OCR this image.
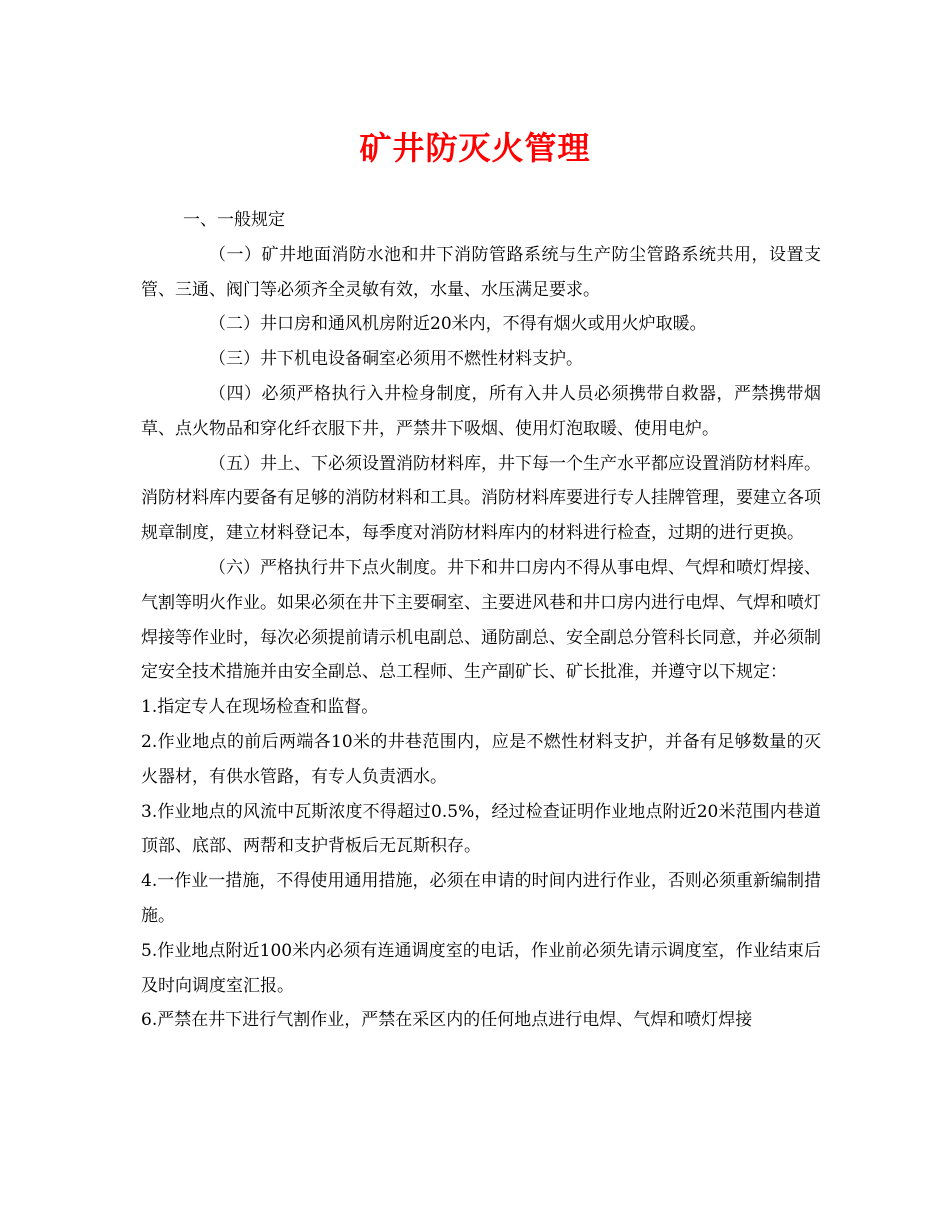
矿井防灭火管理

一、一般规定

（一）矿井地面消防水池和井下消防管路系统与生产防尘管路系统共用，设置支管、三通、阀门等必须齐全灵敏有效，水量、水压满足要求。

（二）井口房和通风机房附近20米内，不得有烟火或用火炉取暖。

（三）井下机电设备硐室必须用不燃性材料支护。

（四）必须严格执行入井检身制度，所有入井人员必须携带自救器，严禁携带烟草、点火物品和穿化纤衣服下井，严禁井下吸烟、使用灯泡取暖、使用电炉。

（五）井上、下必须设置消防材料库，井下每一个生产水平都应设置消防材料库。消防材料库内要备有足够的消防材料和工具。消防材料库要进行专人挂牌管理，要建立各项规章制度，建立材料登记本，每季度对消防材料库内的材料进行检查，过期的进行更换。

（六）严格执行井下点火制度。井下和井口房内不得从事电焊、气焊和喷灯焊接、气割等明火作业。如果必须在井下主要硐室、主要进风巷和井口房内进行电焊、气焊和喷灯焊接等作业时，每次必须提前请示机电副总、通防副总、安全副总分管科长同意，并必须制定安全技术措施并由安全副总、总工程师、生产副矿长、矿长批准，并遵守以下规定：

1.指定专人在现场检查和监督。

2.作业地点的前后两端各10米的井巷范围内，应是不燃性材料支护，并备有足够数量的灭火器材，有供水管路，有专人负责洒水。

3.作业地点的风流中瓦斯浓度不得超过0.5%，经过检查证明作业地点附近20米范围内巷道顶部、底部、两帮和支护背板后无瓦斯积存。

4.一作业一措施，不得使用通用措施，必须在申请的时间内进行作业，否则必须重新编制措施。

5.作业地点附近100米内必须有连通调度室的电话，作业前必须先请示调度室，作业结束后及时向调度室汇报。

6.严禁在井下进行气割作业，严禁在采区内的任何地点进行电焊、气焊和喷灯焊接
